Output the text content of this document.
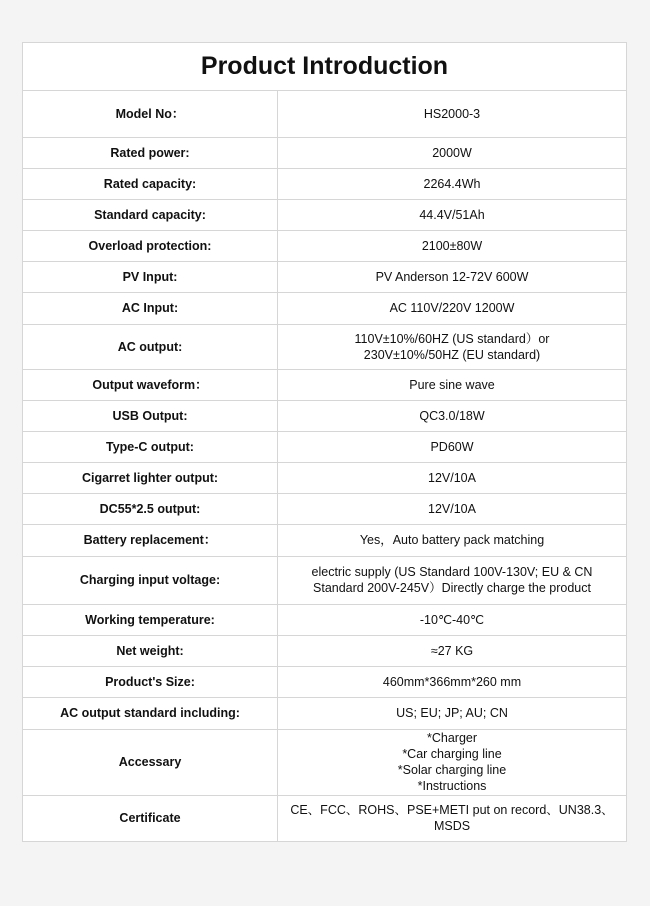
Product Introduction
Model No：	HS2000-3
Rated power:	2000W
Rated capacity:	2264.4Wh
Standard capacity:	44.4V/51Ah
Overload protection:	2100±80W
PV Input:	PV Anderson 12-72V 600W
AC Input:	AC 110V/220V 1200W
AC output:	110V±10%/60HZ (US standard）or
230V±10%/50HZ (EU standard)
Output waveform：	Pure sine wave
USB Output:	QC3.0/18W
Type-C output:	PD60W
Cigarret lighter output:	12V/10A
DC55*2.5 output:	12V/10A
Battery replacement：	Yes，Auto battery pack matching
Charging input voltage:	electric supply (US Standard 100V-130V; EU & CN
Standard 200V-245V）Directly charge the product
Working temperature:	-10℃-40℃
Net weight:	≈27 KG
Product's Size:	460mm*366mm*260 mm
AC output standard including:	US; EU; JP; AU; CN
Accessary	*Charger
*Car charging line
*Solar charging line
*Instructions
Certificate	CE、FCC、ROHS、PSE+METI put on record、UN38.3、
MSDS
